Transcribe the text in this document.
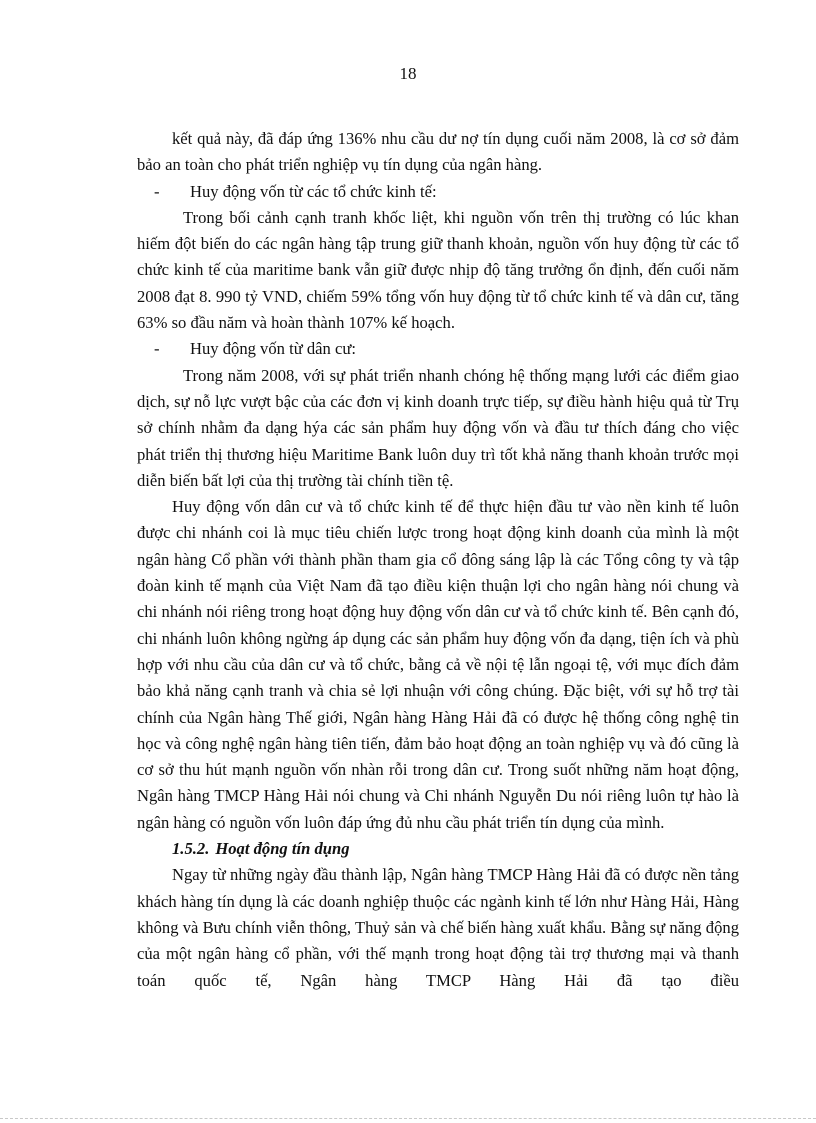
18

kết quả này, đã đáp ứng 136% nhu cầu dư nợ tín dụng cuối năm 2008, là cơ sở đảm bảo an toàn cho phát triển nghiệp vụ tín dụng của ngân hàng.

- Huy động vốn từ các tổ chức kinh tế:

Trong bối cảnh cạnh tranh khốc liệt, khi nguồn vốn trên thị trường có lúc khan hiếm đột biến do các ngân hàng tập trung giữ thanh khoản, nguồn vốn huy động từ các tổ chức kinh tế của maritime bank vẫn giữ được nhịp độ tăng trưởng ổn định, đến cuối năm 2008 đạt 8. 990 tỷ VND, chiếm 59% tổng vốn huy động từ tổ chức kinh tế và dân cư, tăng 63% so đầu năm và hoàn thành 107% kế hoạch.

- Huy động vốn từ dân cư:

Trong năm 2008, với sự phát triển nhanh chóng hệ thống mạng lưới các điểm giao dịch, sự nỗ lực vượt bậc của các đơn vị kinh doanh trực tiếp, sự điều hành hiệu quả từ Trụ sở chính nhằm đa dạng hýa các sản phẩm huy động vốn và đầu tư thích đáng cho việc phát triển thị thương hiệu Maritime Bank luôn duy trì tốt khả năng thanh khoản trước mọi diễn biến bất lợi của thị trường tài chính tiền tệ.

Huy động vốn dân cư và tổ chức kinh tế để thực hiện đầu tư vào nền kinh tế luôn được chi nhánh coi là mục tiêu chiến lược trong hoạt động kinh doanh của mình là một ngân hàng Cổ phần với thành phần tham gia cổ đông sáng lập là các Tổng công ty và tập đoàn kinh tế mạnh của Việt Nam đã tạo điều kiện thuận lợi cho ngân hàng nói chung và chi nhánh nói riêng trong hoạt động huy động vốn dân cư và tổ chức kinh tế. Bên cạnh đó, chi nhánh luôn không ngừng áp dụng các sản phẩm huy động vốn đa dạng, tiện ích và phù hợp với nhu cầu của dân cư và tổ chức, bằng cả về nội tệ lẫn ngoại tệ, với mục đích đảm bảo khả năng cạnh tranh và chia sẻ lợi nhuận với công chúng. Đặc biệt, với sự hỗ trợ tài chính của Ngân hàng Thế giới, Ngân hàng Hàng Hải đã có được hệ thống công nghệ tin học và công nghệ ngân hàng tiên tiến, đảm bảo hoạt động an toàn nghiệp vụ và đó cũng là cơ sở thu hút mạnh nguồn vốn nhàn rỗi trong dân cư. Trong suốt những năm hoạt động, Ngân hàng TMCP Hàng Hải nói chung và Chi nhánh Nguyễn Du nói riêng luôn tự hào là ngân hàng có nguồn vốn luôn đáp ứng đủ nhu cầu phát triển tín dụng của mình.

1.5.2. Hoạt động tín dụng

Ngay từ những ngày đầu thành lập, Ngân hàng TMCP Hàng Hải đã có được nền tảng khách hàng tín dụng là các doanh nghiệp thuộc các ngành kinh tế lớn như Hàng Hải, Hàng không và Bưu chính viễn thông, Thuỷ sản và chế biến hàng xuất khẩu. Bằng sự năng động của một ngân hàng cổ phần, với thế mạnh trong hoạt động tài trợ thương mại và thanh toán quốc tế, Ngân hàng TMCP Hàng Hải đã tạo điều
